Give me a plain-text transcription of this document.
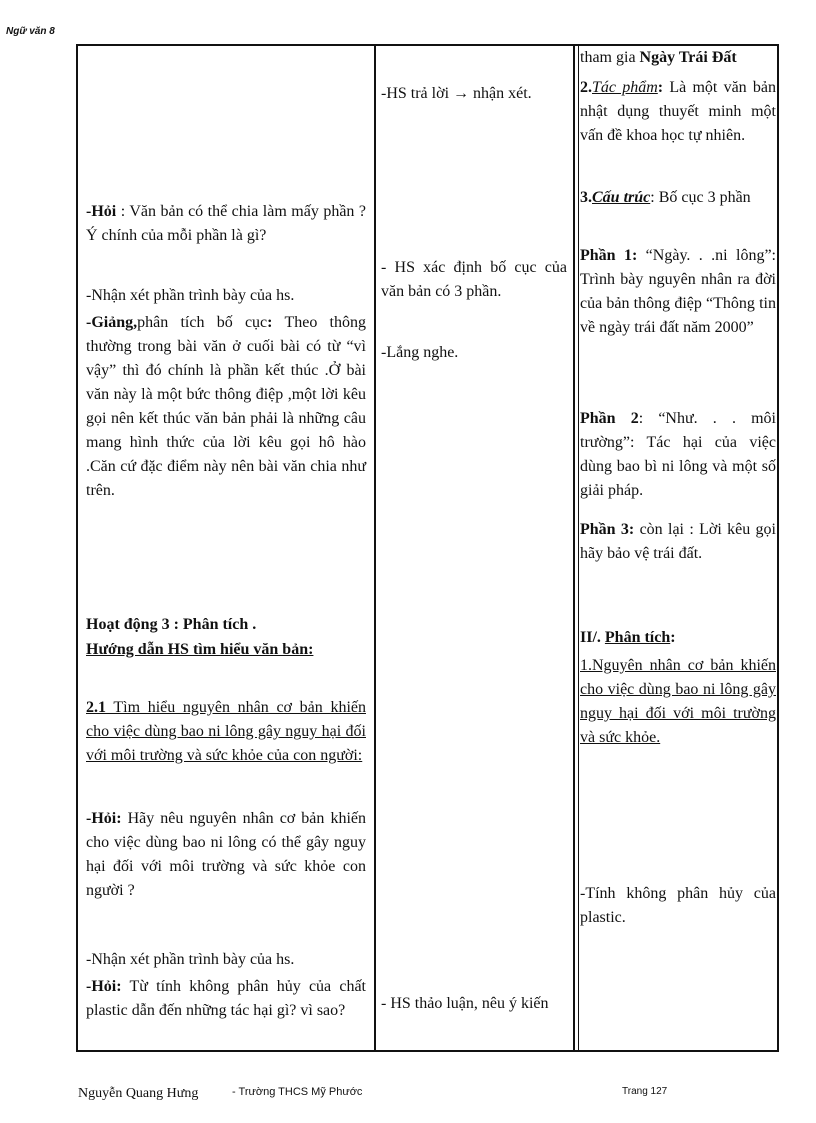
Ngữ văn 8

-Hỏi : Văn bản có thể chia làm mấy phần ? Ý chính của mỗi phần là gì?

-Nhận xét phần trình bày của hs.

-Giảng,phân tích bố cục: Theo thông thường trong bài văn ở cuối bài có từ “vì vậy” thì đó chính là phần kết thúc .Ở bài văn này là một bức thông điệp ,một lời kêu gọi nên kết thúc văn bản phải là những câu mang hình thức của lời kêu gọi hô hào .Căn cứ đặc điểm này nên bài văn chia như trên.

Hoạt động 3 : Phân tích .

Hướng dẫn HS tìm hiểu văn bản:

2.1 Tìm hiểu nguyên nhân cơ bản khiến cho việc dùng bao ni lông gây nguy hại đối với môi trường và sức khỏe của con người:

-Hỏi: Hãy nêu nguyên nhân cơ bản khiến cho việc dùng bao ni lông có thể gây nguy hại đối với môi trường và sức khỏe con người ?

-Nhận xét phần trình bày của hs.

-Hỏi: Từ tính không phân hủy của chất plastic dẫn đến những tác hại gì? vì sao?

-HS trả lời → nhận xét.

- HS xác định bố cục của văn bản có 3 phần.

-Lắng nghe.

- HS thảo luận, nêu ý kiến

tham gia Ngày Trái Đất

2.Tác phẩm: Là một văn bản nhật dụng thuyết minh một vấn đề khoa học tự nhiên.

3.Cấu trúc: Bố cục 3 phần

Phần 1: “Ngày. . .ni lông”: Trình bày nguyên nhân ra đời của bản thông điệp “Thông tin về ngày trái đất năm 2000”

Phần 2: “Như. . . môi trường”: Tác hại của việc dùng bao bì ni lông và một số giải pháp.

Phần 3: còn lại : Lời kêu gọi hãy bảo vệ trái đất.

II/. Phân tích:

1.Nguyên nhân cơ bản khiến cho việc dùng bao ni lông gây nguy hại đối với môi trường và sức khỏe.

-Tính không phân hủy của plastic.

Nguyễn Quang Hưng	- Trường THCS Mỹ Phước	Trang 127
